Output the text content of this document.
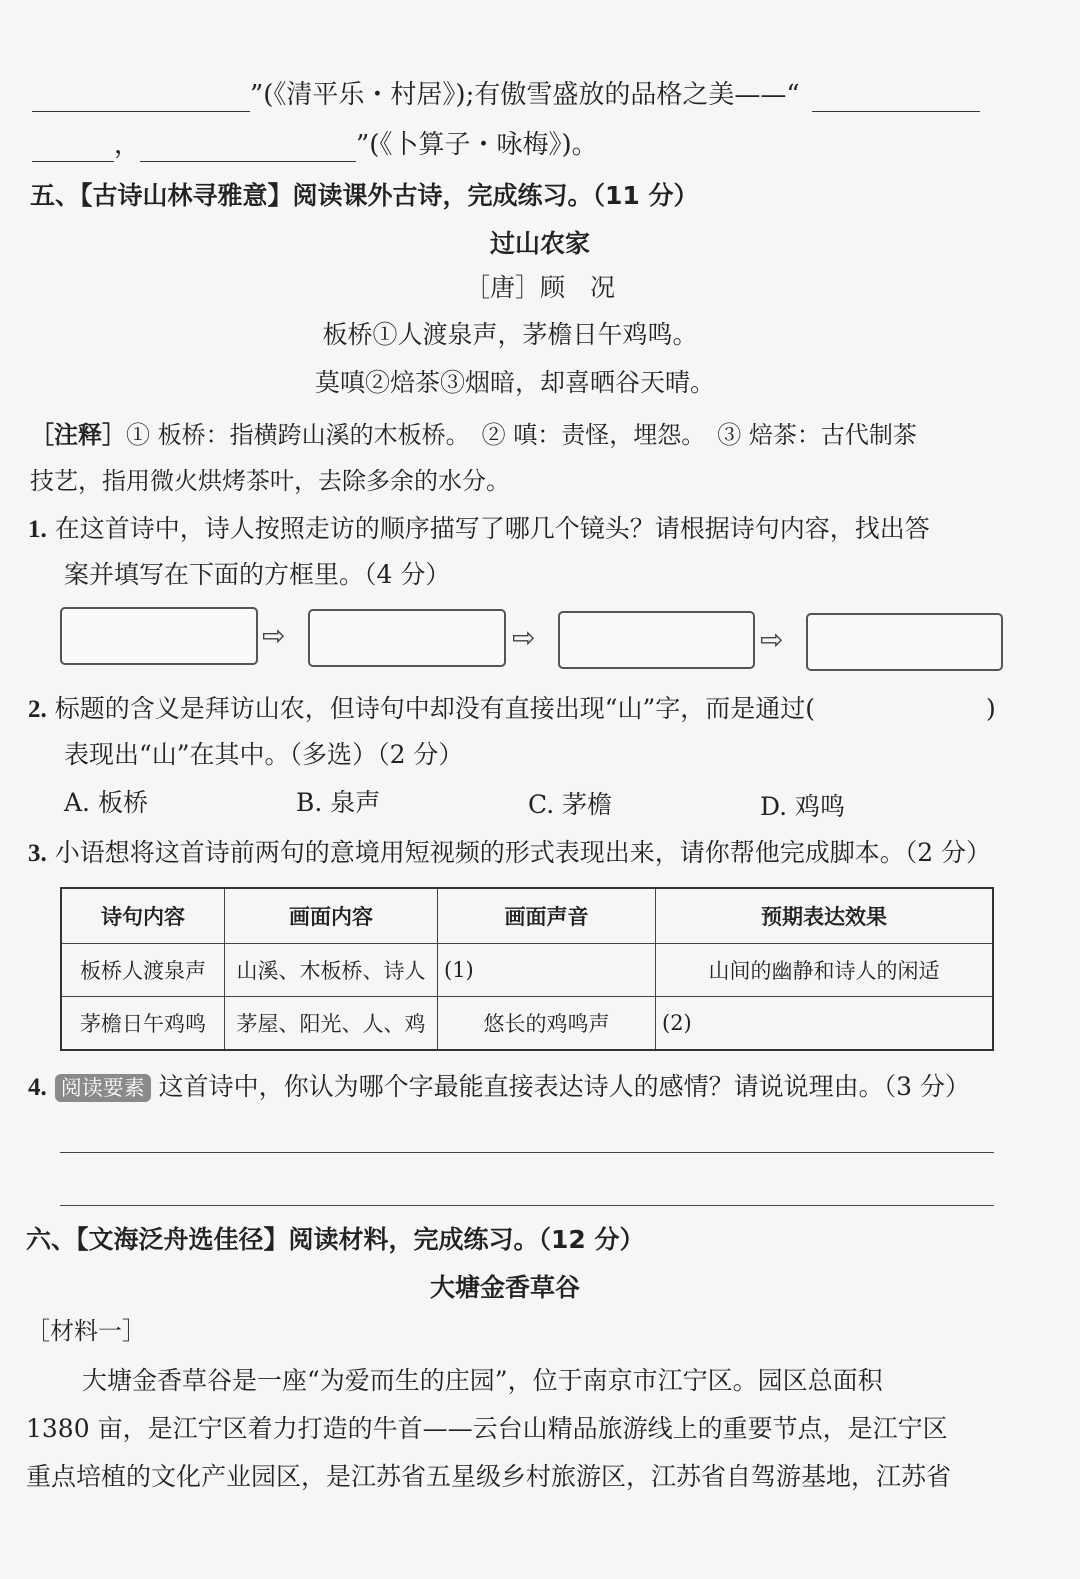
”(《清平乐・村居》);有傲雪盛放的品格之美——“
，	”(《卜算子・咏梅》)。
五、【古诗山林寻雅意】阅读课外古诗，完成练习。（11 分）
过山农家
［唐］顾　况
板桥①人渡泉声，茅檐日午鸡鸣。
莫嗔②焙茶③烟暗，却喜晒谷天晴。
［注释］① 板桥：指横跨山溪的木板桥。　② 嗔：责怪，埋怨。　③ 焙茶：古代制茶
技艺，指用微火烘烤茶叶，去除多余的水分。
1. 在这首诗中，诗人按照走访的顺序描写了哪几个镜头？请根据诗句内容，找出答
案并填写在下面的方框里。（4 分）
⇨	⇨	⇨
2. 标题的含义是拜访山农，但诗句中却没有直接出现“山”字，而是通过(	)
表现出“山”在其中。（多选）（2 分）
A. 板桥	B. 泉声	C. 茅檐	D. 鸡鸣
3. 小语想将这首诗前两句的意境用短视频的形式表现出来，请你帮他完成脚本。（2 分）
诗句内容	画面内容	画面声音	预期表达效果
板桥人渡泉声	山溪、木板桥、诗人	(1)	山间的幽静和诗人的闲适
茅檐日午鸡鸣	茅屋、阳光、人、鸡	悠长的鸡鸣声	(2)
4. 阅读要素 这首诗中，你认为哪个字最能直接表达诗人的感情？请说说理由。（3 分）
六、【文海泛舟选佳径】阅读材料，完成练习。（12 分）
大塘金香草谷
［材料一］
大塘金香草谷是一座“为爱而生的庄园”，位于南京市江宁区。园区总面积
1380 亩，是江宁区着力打造的牛首——云台山精品旅游线上的重要节点，是江宁区
重点培植的文化产业园区，是江苏省五星级乡村旅游区，江苏省自驾游基地，江苏省
